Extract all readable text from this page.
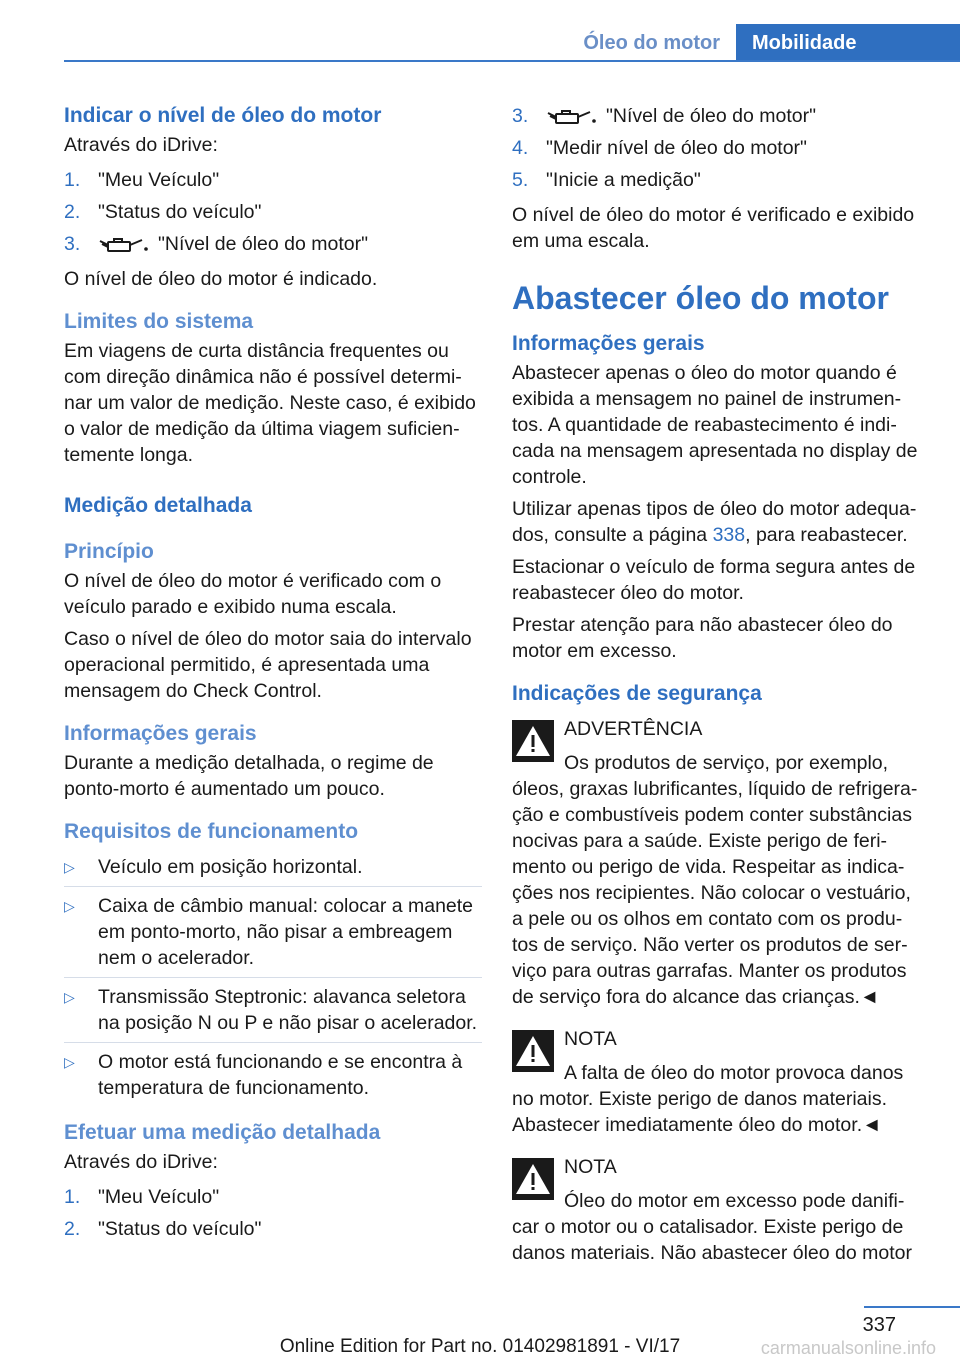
Óleo do motor	Mobilidade
Indicar o nível de óleo do motor

Através do iDrive:

1. "Meu Veículo"
2. "Status do veículo"
3.	"Nível de óleo do motor"

O nível de óleo do motor é indicado.

Limites do sistema

Em viagens de curta distância frequentes ou com direção dinâmica não é possível determi-nar um valor de medição. Neste caso, é exibido o valor de medição da última viagem suficien-temente longa.

Medição detalhada
Princípio

O nível de óleo do motor é verificado com o veículo parado e exibido numa escala.

Caso o nível de óleo do motor saia do intervalo operacional permitido, é apresentada uma mensagem do Check Control.

Informações gerais

Durante a medição detalhada, o regime de ponto-morto é aumentado um pouco.

Requisitos de funcionamento
▷ Veículo em posição horizontal.
▷ Caixa de câmbio manual: colocar a manete em ponto-morto, não pisar a embreagem nem o acelerador.
▷ Transmissão Steptronic: alavanca seletora na posição N ou P e não pisar o acelerador.
▷ O motor está funcionando e se encontra à temperatura de funcionamento.
Efetuar uma medição detalhada

Através do iDrive:

1. "Meu Veículo"
2. "Status do veículo"
3.	"Nível de óleo do motor"
4. "Medir nível de óleo do motor"
5. "Inicie a medição"

O nível de óleo do motor é verificado e exibido em uma escala.

Abastecer óleo do motor
Informações gerais

Abastecer apenas o óleo do motor quando é exibida a mensagem no painel de instrumen-tos. A quantidade de reabastecimento é indi-cada na mensagem apresentada no display de controle.

Utilizar apenas tipos de óleo do motor adequa-dos, consulte a página 338, para reabastecer.

Estacionar o veículo de forma segura antes de reabastecer óleo do motor.

Prestar atenção para não abastecer óleo do motor em excesso.

Indicações de segurança
ADVERTÊNCIA

Os produtos de serviço, por exemplo, óleos, graxas lubrificantes, líquido de refrigera-ção e combustíveis podem conter substâncias nocivas para a saúde. Existe perigo de feri-mento ou perigo de vida. Respeitar as indica-ções nos recipientes. Não colocar o vestuário, a pele ou os olhos em contato com os produ-tos de serviço. Não verter os produtos de ser-viço para outras garrafas. Manter os produtos de serviço fora do alcance das crianças.◄

NOTA

A falta de óleo do motor provoca danos no motor. Existe perigo de danos materiais. Abastecer imediatamente óleo do motor.◄

NOTA

Óleo do motor em excesso pode danifi-car o motor ou o catalisador. Existe perigo de danos materiais. Não abastecer óleo do motor

337
Online Edition for Part no. 01402981891 - VI/17	carmanualsonline.info
